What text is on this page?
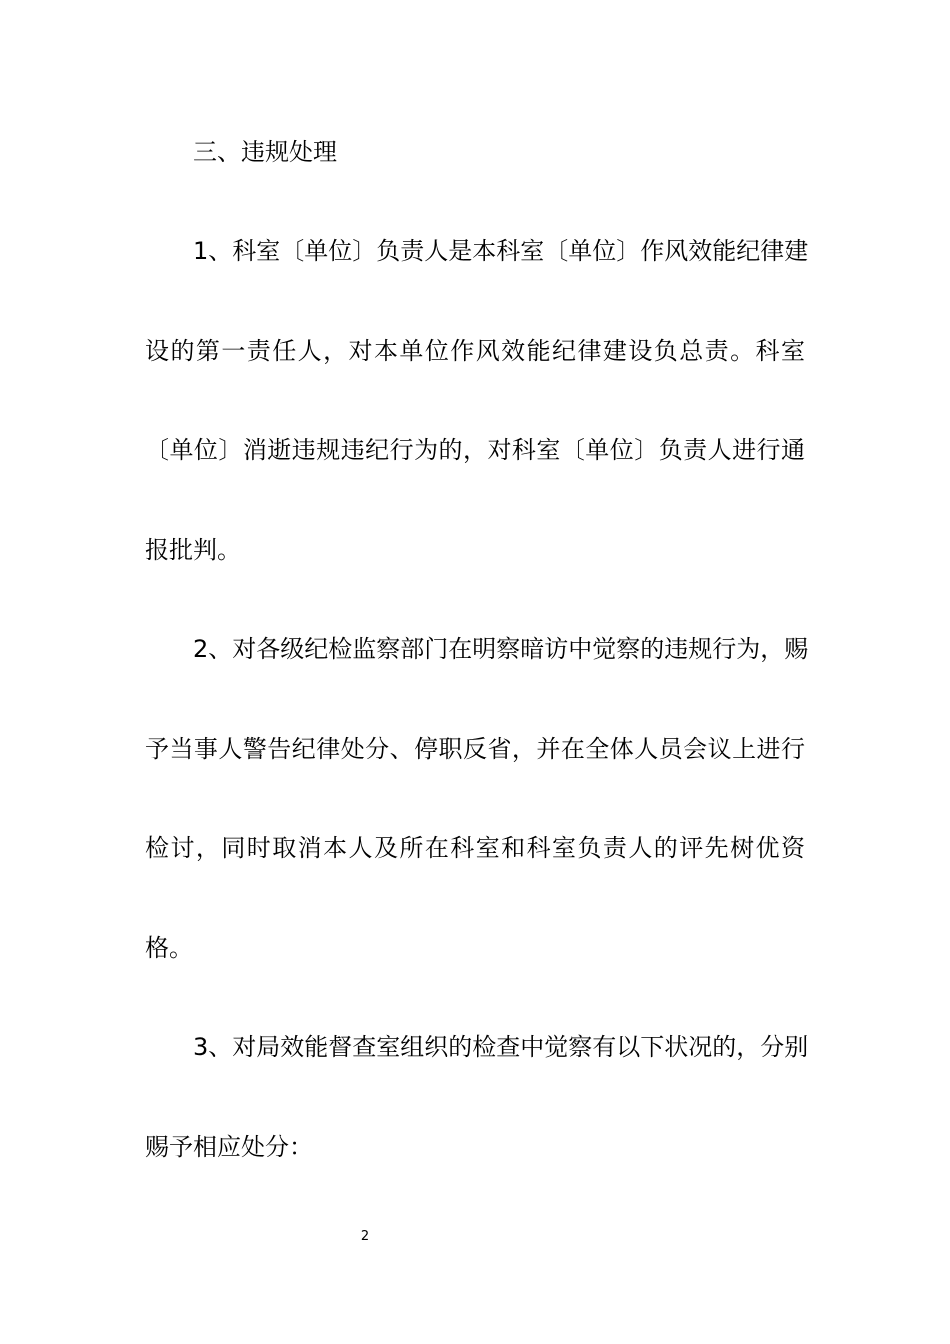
三、违规处理
1、科室〔单位〕负责人是本科室〔单位〕作风效能纪律建
设的第一责任人，对本单位作风效能纪律建设负总责。科室
〔单位〕消逝违规违纪行为的，对科室〔单位〕负责人进行通
报批判。
2、对各级纪检监察部门在明察暗访中觉察的违规行为，赐
予当事人警告纪律处分、停职反省，并在全体人员会议上进行
检讨，同时取消本人及所在科室和科室负责人的评先树优资
格。
3、对局效能督查室组织的检查中觉察有以下状况的，分别
赐予相应处分：
2
